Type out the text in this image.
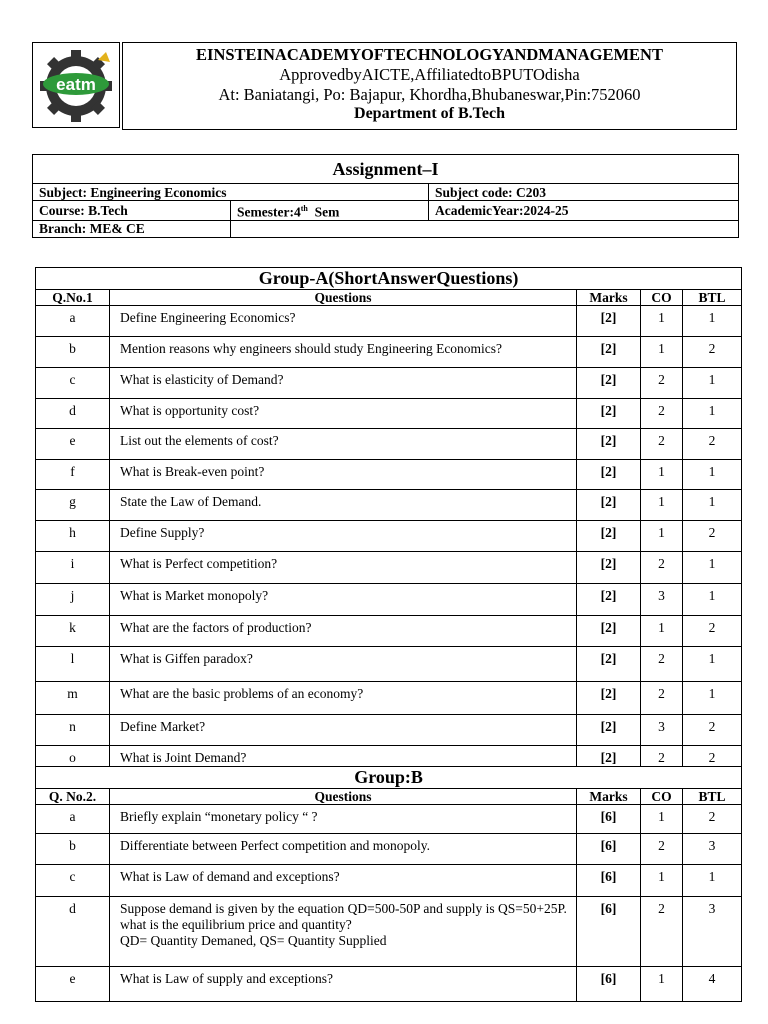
eatm
EINSTEINACADEMYOFTECHNOLOGYANDMANAGEMENT
ApprovedbyAICTE,AffiliatedtoBPUTOdisha
At: Baniatangi, Po: Bajapur, Khordha,Bhubaneswar,Pin:752060
Department of B.Tech
Assignment–I		
Subject: Engineering Economics		Subject code: C203
Course: B.Tech	Semester:4th  Sem	AcademicYear:2024-25
Branch: ME& CE		
Group-A(ShortAnswerQuestions)				
Q.No.1	Questions	Marks	CO	BTL
a	Define Engineering Economics?	[2]	1	1
b	Mention reasons why engineers should study Engineering Economics?	[2]	1	2
c	What is elasticity of Demand?	[2]	2	1
d	What is opportunity cost?	[2]	2	1
e	List out the elements of cost?	[2]	2	2
f	What is Break-even point?	[2]	1	1
g	State the Law of Demand.	[2]	1	1
h	Define Supply?	[2]	1	2
i	What is Perfect competition?	[2]	2	1
j	What is Market monopoly?	[2]	3	1
k	What are the factors of production?	[2]	1	2
l	What is Giffen paradox?	[2]	2	1
m	What are the basic problems of an economy?	[2]	2	1
n	Define Market?	[2]	3	2
o	What is Joint Demand?	[2]	2	2
Group:B				
Q. No.2.	Questions	Marks	CO	BTL
a	Briefly explain “monetary policy “ ?	[6]	1	2
b	Differentiate between Perfect competition and monopoly.	[6]	2	3
c	What is Law of demand and exceptions?	[6]	1	1
d	Suppose demand is given by the equation QD=500-50P and supply is QS=50+25P. what is the equilibrium price and quantity?
QD= Quantity Demaned, QS= Quantity Supplied	[6]	2	3
e	What is Law of supply and exceptions?	[6]	1	4
